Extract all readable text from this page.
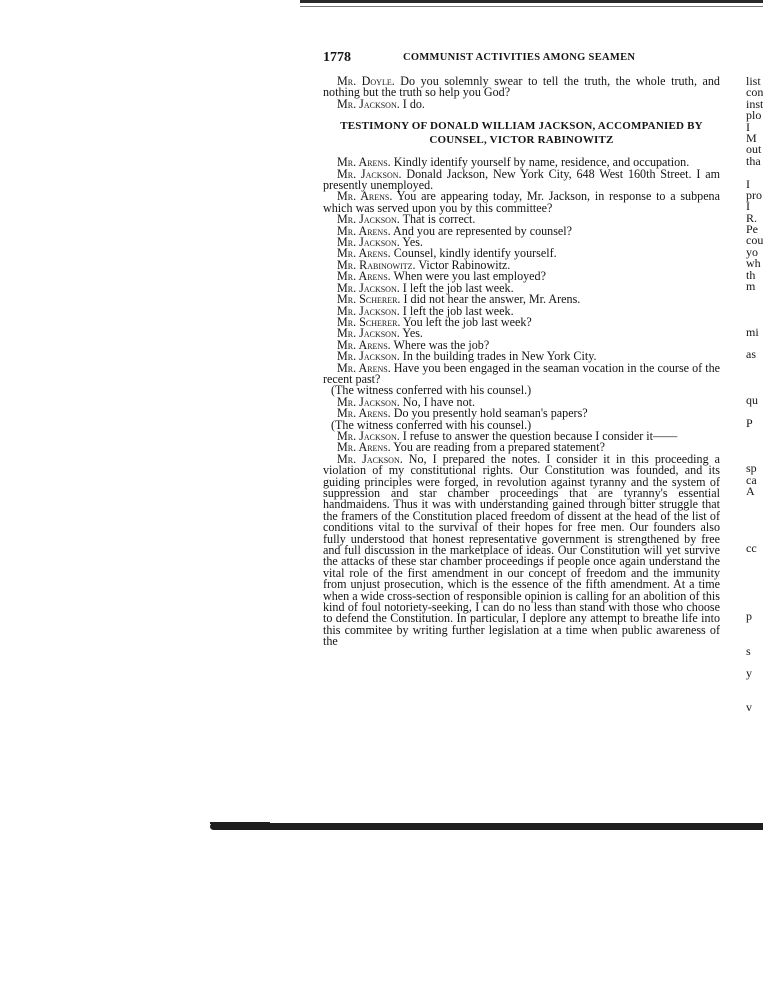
1778	COMMUNIST ACTIVITIES AMONG SEAMEN

Mr. Doyle. Do you solemnly swear to tell the truth, the whole truth, and nothing but the truth so help you God?

Mr. Jackson. I do.

TESTIMONY OF DONALD WILLIAM JACKSON, ACCOMPANIED BY
COUNSEL, VICTOR RABINOWITZ

Mr. Arens. Kindly identify yourself by name, residence, and occupation.

Mr. Jackson. Donald Jackson, New York City, 648 West 160th Street. I am presently unemployed.

Mr. Arens. You are appearing today, Mr. Jackson, in response to a subpena which was served upon you by this committee?

Mr. Jackson. That is correct.

Mr. Arens. And you are represented by counsel?

Mr. Jackson. Yes.

Mr. Arens. Counsel, kindly identify yourself.

Mr. Rabinowitz. Victor Rabinowitz.

Mr. Arens. When were you last employed?

Mr. Jackson. I left the job last week.

Mr. Scherer. I did not hear the answer, Mr. Arens.

Mr. Jackson. I left the job last week.

Mr. Scherer. You left the job last week?

Mr. Jackson. Yes.

Mr. Arens. Where was the job?

Mr. Jackson. In the building trades in New York City.

Mr. Arens. Have you been engaged in the seaman vocation in the course of the recent past?

(The witness conferred with his counsel.)

Mr. Jackson. No, I have not.

Mr. Arens. Do you presently hold seaman's papers?

(The witness conferred with his counsel.)

Mr. Jackson. I refuse to answer the question because I consider it——

Mr. Arens. You are reading from a prepared statement?

Mr. Jackson. No, I prepared the notes. I consider it in this proceeding a violation of my constitutional rights. Our Constitution was founded, and its guiding principles were forged, in revolution against tyranny and the system of suppression and star chamber proceedings that are tyranny's essential handmaidens. Thus it was with understanding gained through bitter struggle that the framers of the Constitution placed freedom of dissent at the head of the list of conditions vital to the survival of their hopes for free men. Our founders also fully understood that honest representative government is strengthened by free and full discussion in the marketplace of ideas. Our Constitution will yet survive the attacks of these star chamber proceedings if people once again understand the vital role of the first amendment in our concept of freedom and the immunity from unjust prosecution, which is the essence of the fifth amendment. At a time when a wide cross-section of responsible opinion is calling for an abolition of this kind of foul notoriety-seeking, I can do no less than stand with those who choose to defend the Constitution. In particular, I deplore any attempt to breathe life into this commitee by writing further legislation at a time when public awareness of the

list
con
inst
plo
I
M
out
tha
I
pro
I
R.
Pe
cou
yo
wh
th
m
mi
as
qu
P
sp
ca
A
cc
p
s
y
v
